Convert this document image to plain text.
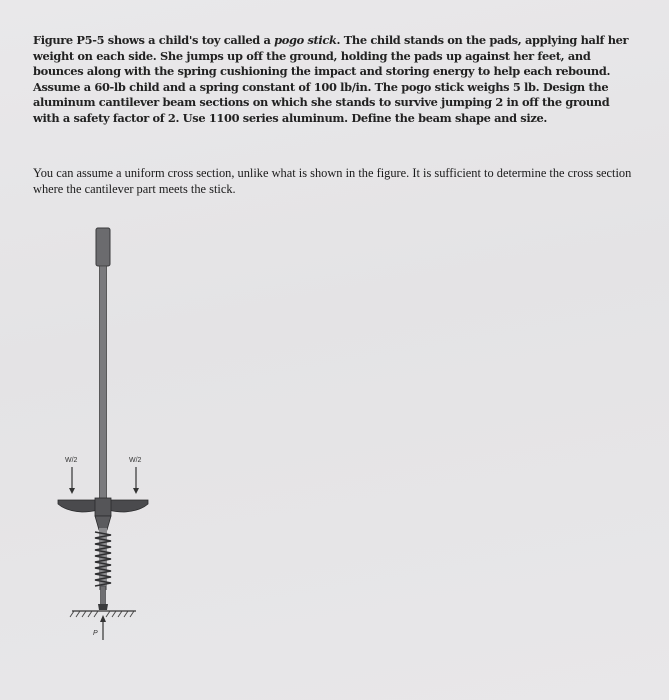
Figure P5-5 shows a child's toy called a pogo stick. The child stands on the pads, applying half her weight on each side. She jumps up off the ground, holding the pads up against her feet, and bounces along with the spring cushioning the impact and storing energy to help each rebound. Assume a 60-lb child and a spring constant of 100 lb/in. The pogo stick weighs 5 lb. Design the aluminum cantilever beam sections on which she stands to survive jumping 2 in off the ground with a safety factor of 2. Use 1100 series aluminum. Define the beam shape and size.

You can assume a uniform cross section, unlike what is shown in the figure. It is sufficient to determine the cross section where the cantilever part meets the stick.

W/2	W/2
P
